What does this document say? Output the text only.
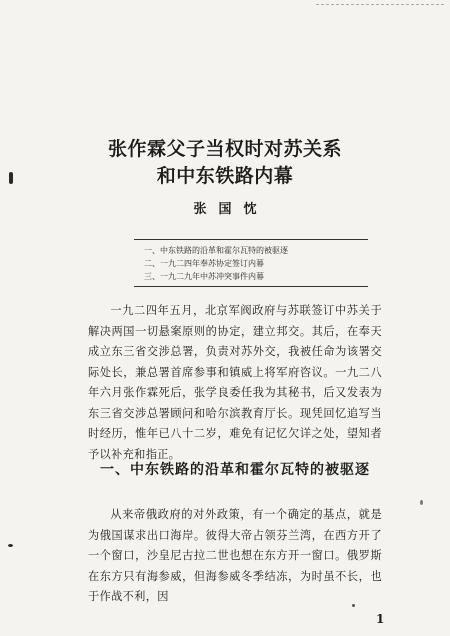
张作霖父子当权时对苏关系
和中东铁路内幕
张国忱
一、中东铁路的沿革和霍尔瓦特的被驱逐
二、一九二四年奉苏协定签订内幕
三、一九二九年中苏冲突事件内幕

一九二四年五月，北京军阀政府与苏联签订中苏关于解决两国一切悬案原则的协定，建立邦交。其后，在奉天成立东三省交涉总署，负责对苏外交，我被任命为该署交际处长，兼总署首席参事和镇威上将军府咨议。一九二八年六月张作霖死后，张学良委任我为其秘书，后又发表为东三省交涉总署顾问和哈尔滨教育厅长。现凭回忆追写当时经历，惟年已八十二岁，难免有记忆欠详之处，望知者予以补充和指正。

一、中东铁路的沿革和霍尔瓦特的被驱逐

从来帝俄政府的对外政策，有一个确定的基点，就是为俄国谋求出口海岸。彼得大帝占领芬兰湾，在西方开了一个窗口，沙皇尼古拉二世也想在东方开一窗口。俄罗斯在东方只有海参威，但海参威冬季结冻，为时虽不长，也于作战不利，因

1
